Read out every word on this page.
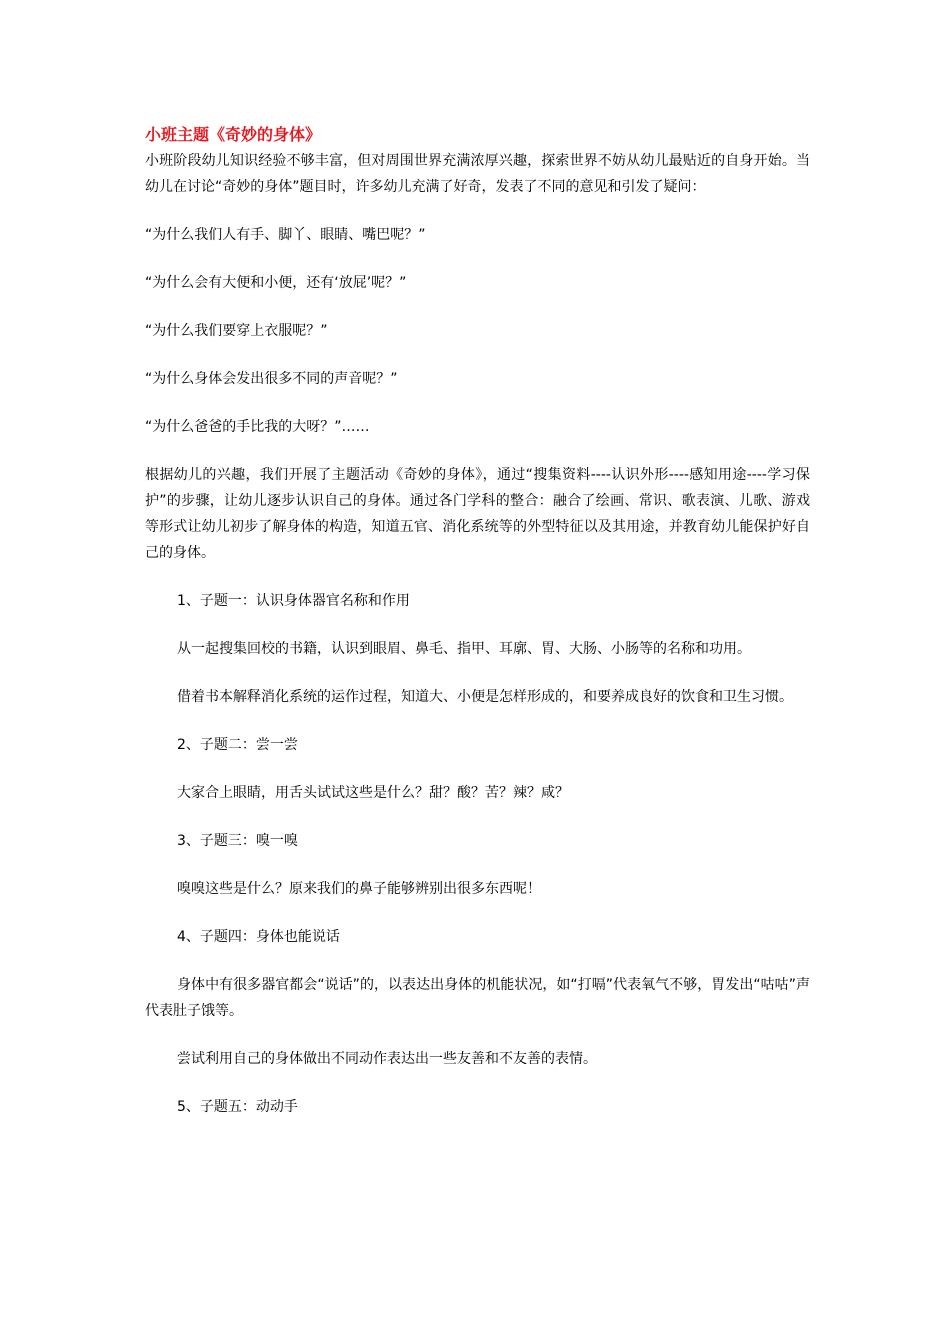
小班主题《奇妙的身体》

小班阶段幼儿知识经验不够丰富，但对周围世界充满浓厚兴趣，探索世界不妨从幼儿最贴近的自身开始。当幼儿在讨论“奇妙的身体”题目时，许多幼儿充满了好奇，发表了不同的意见和引发了疑问：

“为什么我们人有手、脚丫、眼睛、嘴巴呢？”

“为什么会有大便和小便，还有‘放屁’呢？”

“为什么我们要穿上衣服呢？”

“为什么身体会发出很多不同的声音呢？”

“为什么爸爸的手比我的大呀？”……

根据幼儿的兴趣，我们开展了主题活动《奇妙的身体》，通过“搜集资料----认识外形----感知用途----学习保护”的步骤，让幼儿逐步认识自己的身体。通过各门学科的整合：融合了绘画、常识、歌表演、儿歌、游戏等形式让幼儿初步了解身体的构造，知道五官、消化系统等的外型特征以及其用途，并教育幼儿能保护好自己的身体。

1、子题一：认识身体器官名称和作用

从一起搜集回校的书籍，认识到眼眉、鼻毛、指甲、耳廓、胃、大肠、小肠等的名称和功用。

借着书本解释消化系统的运作过程，知道大、小便是怎样形成的，和要养成良好的饮食和卫生习惯。

2、子题二：尝一尝

大家合上眼睛，用舌头试试这些是什么？甜？酸？苦？辣？咸？

3、子题三：嗅一嗅

嗅嗅这些是什么？原来我们的鼻子能够辨别出很多东西呢！

4、子题四：身体也能说话

身体中有很多器官都会“说话”的，以表达出身体的机能状况，如“打嗝”代表氧气不够，胃发出“咕咕”声代表肚子饿等。

尝试利用自己的身体做出不同动作表达出一些友善和不友善的表情。

5、子题五：动动手
